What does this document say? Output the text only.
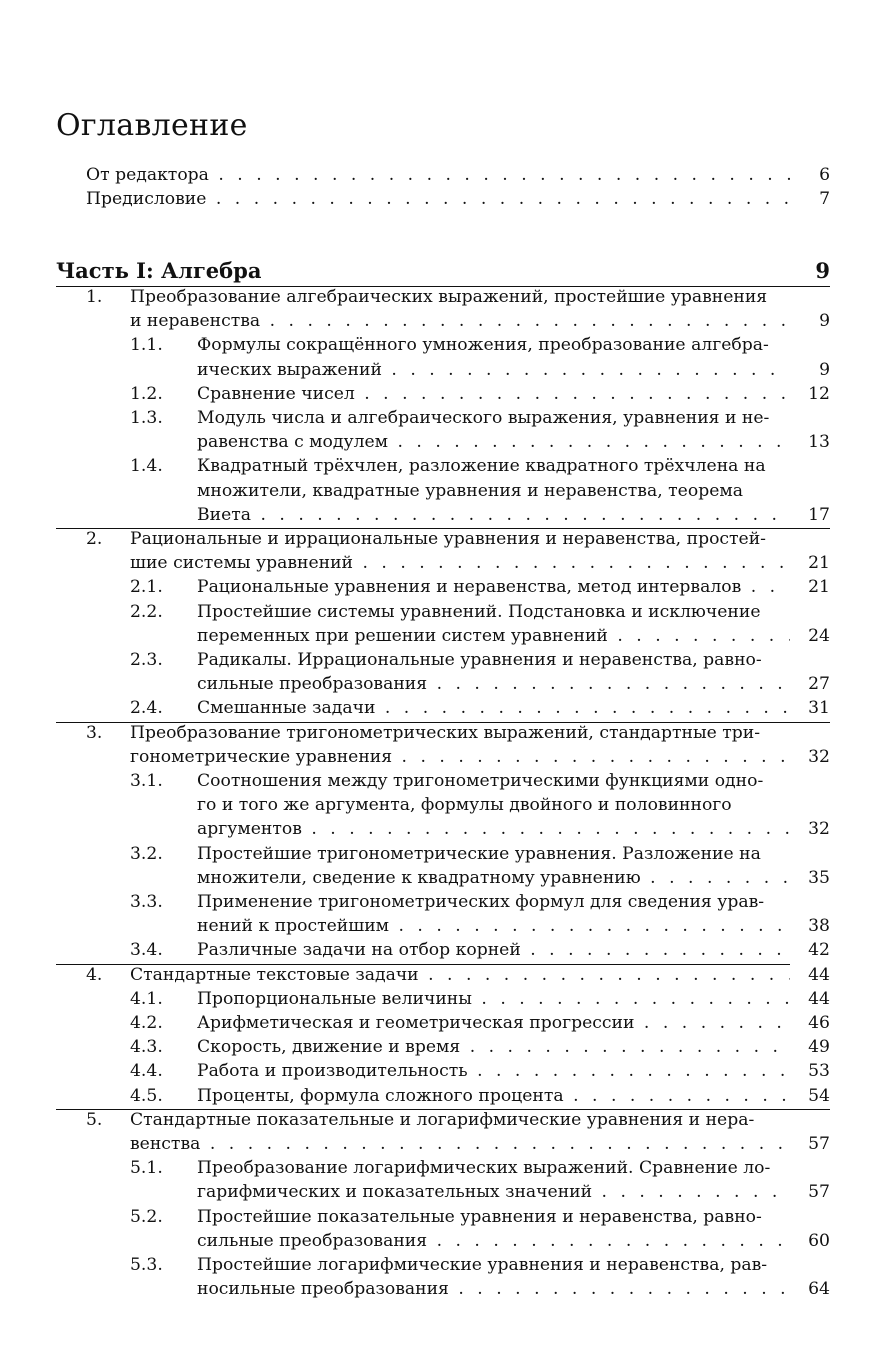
Оглавление
От редактора . . .	6
Предисловие . . .	7
Часть I: Алгебра	9
1. Преобразование алгебраических выражений, простейшие уравнения
и неравенства . . .	9
1.1. Формулы сокращённого умножения, преобразование алгебра-
ических выражений . . .	9
1.2. Сравнение чисел . . .	12
1.3. Модуль числа и алгебраического выражения, уравнения и не-
равенства с модулем . . .	13
1.4. Квадратный трёхчлен, разложение квадратного трёхчлена на
множители, квадратные уравнения и неравенства, теорема
Виета . . .	17
2. Рациональные и иррациональные уравнения и неравенства, простей-
шие системы уравнений . . .	21
2.1. Рациональные уравнения и неравенства, метод интервалов . . .	21
2.2. Простейшие системы уравнений. Подстановка и исключение
переменных при решении систем уравнений . . .	24
2.3. Радикалы. Иррациональные уравнения и неравенства, равно-
сильные преобразования . . .	27
2.4. Смешанные задачи . . .	31
3. Преобразование тригонометрических выражений, стандартные три-
гонометрические уравнения . . .	32
3.1. Соотношения между тригонометрическими функциями одно-
го и того же аргумента, формулы двойного и половинного
аргументов . . .	32
3.2. Простейшие тригонометрические уравнения. Разложение на
множители, сведение к квадратному уравнению . . .	35
3.3. Применение тригонометрических формул для сведения урав-
нений к простейшим . . .	38
3.4. Различные задачи на отбор корней . . .	42
4. Стандартные текстовые задачи . . .	44
4.1. Пропорциональные величины . . .	44
4.2. Арифметическая и геометрическая прогрессии . . .	46
4.3. Скорость, движение и время . . .	49
4.4. Работа и производительность . . .	53
4.5. Проценты, формула сложного процента . . .	54
5. Стандартные показательные и логарифмические уравнения и нера-
венства . . .	57
5.1. Преобразование логарифмических выражений. Сравнение ло-
гарифмических и показательных значений . . .	57
5.2. Простейшие показательные уравнения и неравенства, равно-
сильные преобразования . . .	60
5.3. Простейшие логарифмические уравнения и неравенства, рав-
носильные преобразования . . .	64
